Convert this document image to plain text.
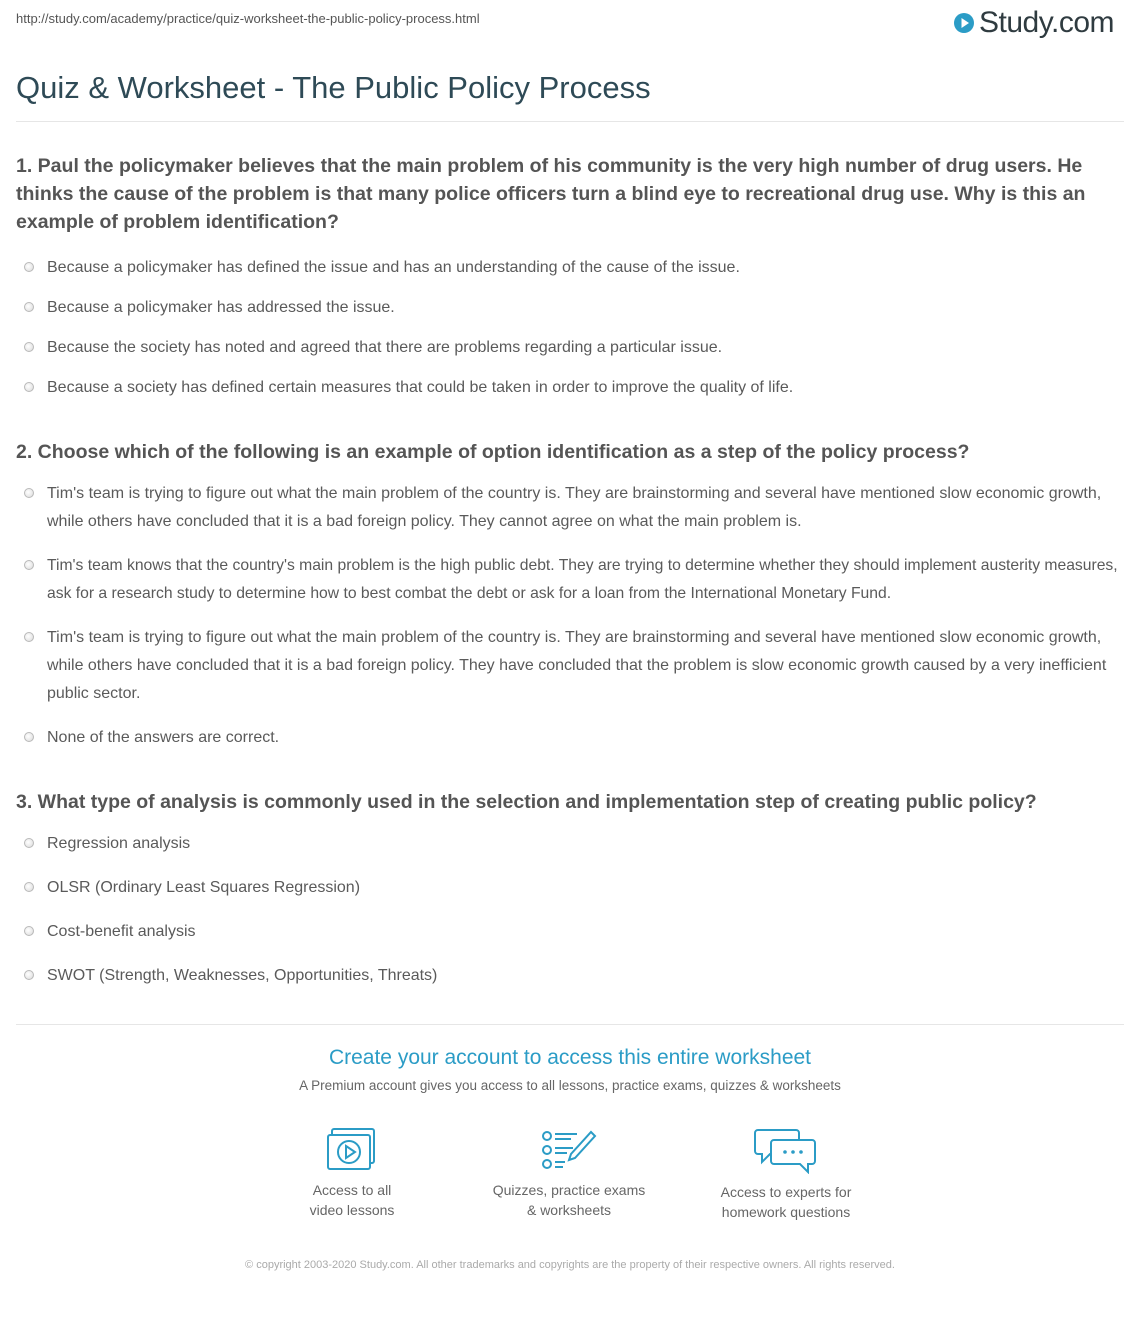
http://study.com/academy/practice/quiz-worksheet-the-public-policy-process.html	Study.com
Quiz & Worksheet - The Public Policy Process

1. Paul the policymaker believes that the main problem of his community is the very high number of drug users. He thinks the cause of the problem is that many police officers turn a blind eye to recreational drug use. Why is this an example of problem identification?

Because a policymaker has defined the issue and has an understanding of the cause of the issue.
Because a policymaker has addressed the issue.
Because the society has noted and agreed that there are problems regarding a particular issue.
Because a society has defined certain measures that could be taken in order to improve the quality of life.

2. Choose which of the following is an example of option identification as a step of the policy process?

Tim's team is trying to figure out what the main problem of the country is. They are brainstorming and several have mentioned slow economic growth, while others have concluded that it is a bad foreign policy. They cannot agree on what the main problem is.
Tim's team knows that the country's main problem is the high public debt. They are trying to determine whether they should implement austerity measures, ask for a research study to determine how to best combat the debt or ask for a loan from the International Monetary Fund.
Tim's team is trying to figure out what the main problem of the country is. They are brainstorming and several have mentioned slow economic growth, while others have concluded that it is a bad foreign policy. They have concluded that the problem is slow economic growth caused by a very inefficient public sector.
None of the answers are correct.

3. What type of analysis is commonly used in the selection and implementation step of creating public policy?

Regression analysis
OLSR (Ordinary Least Squares Regression)
Cost-benefit analysis
SWOT (Strength, Weaknesses, Opportunities, Threats)
Create your account to access this entire worksheet
A Premium account gives you access to all lessons, practice exams, quizzes & worksheets
Access to all
video lessons
Quizzes, practice exams
& worksheets
Access to experts for
homework questions
© copyright 2003-2020 Study.com. All other trademarks and copyrights are the property of their respective owners. All rights reserved.
